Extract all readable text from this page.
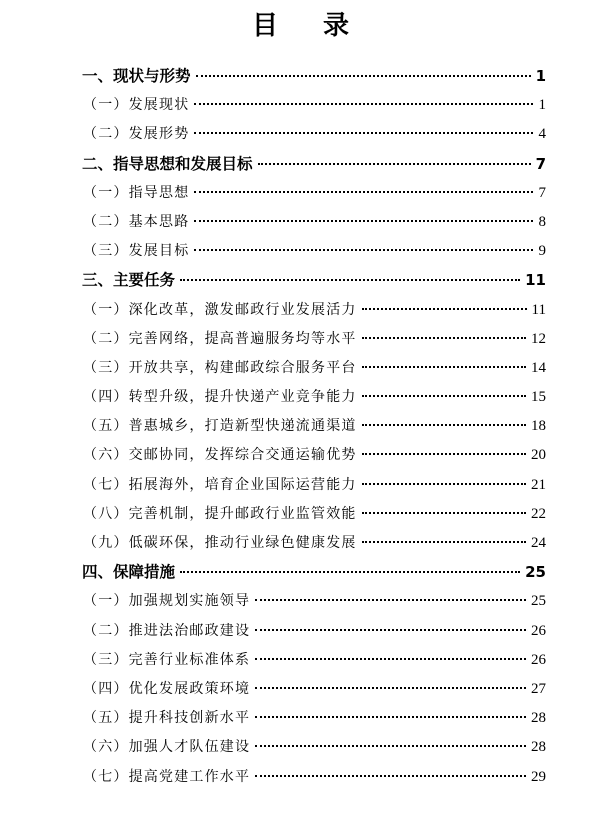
目 录
一、现状与形势	1
（一）发展现状	1
（二）发展形势	4
二、指导思想和发展目标	7
（一）指导思想	7
（二）基本思路	8
（三）发展目标	9
三、主要任务	11
（一）深化改革，激发邮政行业发展活力	11
（二）完善网络，提高普遍服务均等水平	12
（三）开放共享，构建邮政综合服务平台	14
（四）转型升级，提升快递产业竞争能力	15
（五）普惠城乡，打造新型快递流通渠道	18
（六）交邮协同，发挥综合交通运输优势	20
（七）拓展海外，培育企业国际运营能力	21
（八）完善机制，提升邮政行业监管效能	22
（九）低碳环保，推动行业绿色健康发展	24
四、保障措施	25
（一）加强规划实施领导	25
（二）推进法治邮政建设	26
（三）完善行业标准体系	26
（四）优化发展政策环境	27
（五）提升科技创新水平	28
（六）加强人才队伍建设	28
（七）提高党建工作水平	29
